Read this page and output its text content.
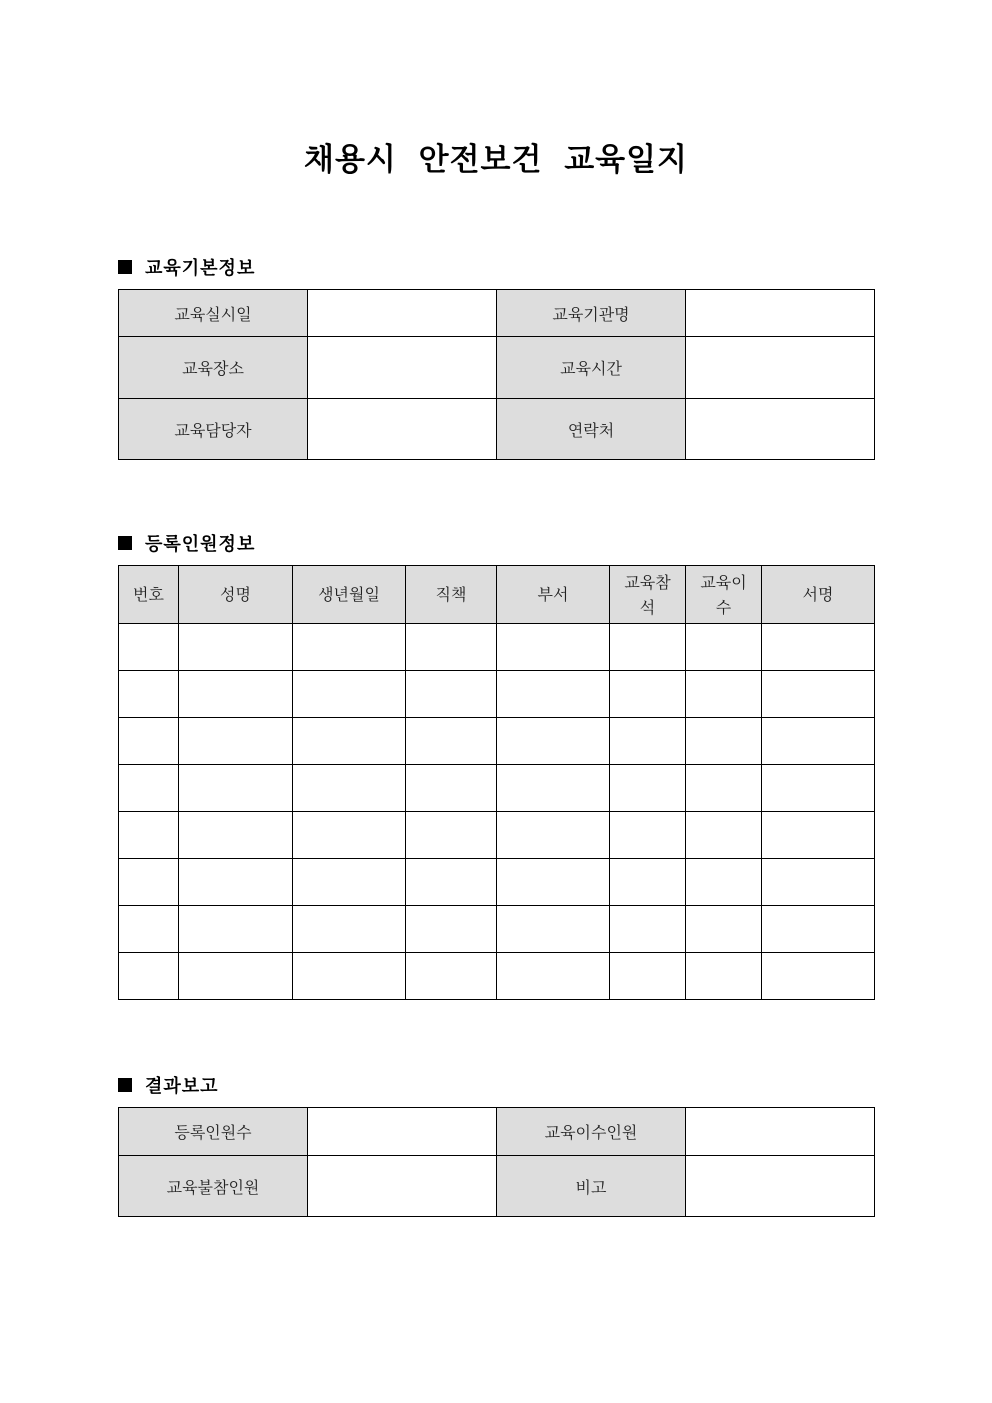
채용시 안전보건 교육일지
교육기본정보
교육실시일		교육기관명	
교육장소		교육시간	
교육담당자		연락처	
등록인원정보
번호	성명	생년월일	직책	부서	교육참석	교육이수	서명

결과보고
등록인원수		교육이수인원	
교육불참인원		비고	
